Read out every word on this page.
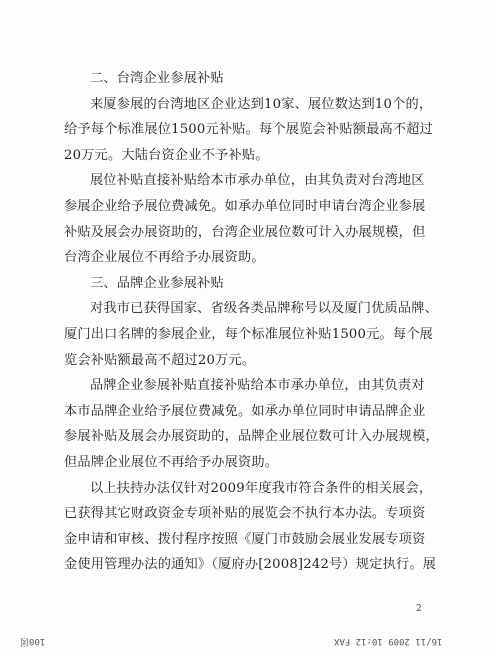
二、台湾企业参展补贴
来厦参展的台湾地区企业达到10家、展位数达到10个的，
给予每个标准展位1500元补贴。每个展览会补贴额最高不超过
20万元。大陆台资企业不予补贴。
展位补贴直接补贴给本市承办单位，由其负责对台湾地区
参展企业给予展位费减免。如承办单位同时申请台湾企业参展
补贴及展会办展资助的，台湾企业展位数可计入办展规模，但
台湾企业展位不再给予办展资助。
三、品牌企业参展补贴
对我市已获得国家、省级各类品牌称号以及厦门优质品牌、
厦门出口名牌的参展企业，每个标准展位补贴1500元。每个展
览会补贴额最高不超过20万元。
品牌企业参展补贴直接补贴给本市承办单位，由其负责对
本市品牌企业给予展位费减免。如承办单位同时申请品牌企业
参展补贴及展会办展资助的，品牌企业展位数可计入办展规模，
但品牌企业展位不再给予办展资助。
以上扶持办法仅针对2009年度我市符合条件的相关展会，
已获得其它财政资金专项补贴的展览会不执行本办法。专项资
金申请和审核、拨付程序按照《厦门市鼓励会展业发展专项资
金使用管理办法的通知》（厦府办[2008]242号）规定执行。展
2
100図	16/11 2009 10:12 FAX
